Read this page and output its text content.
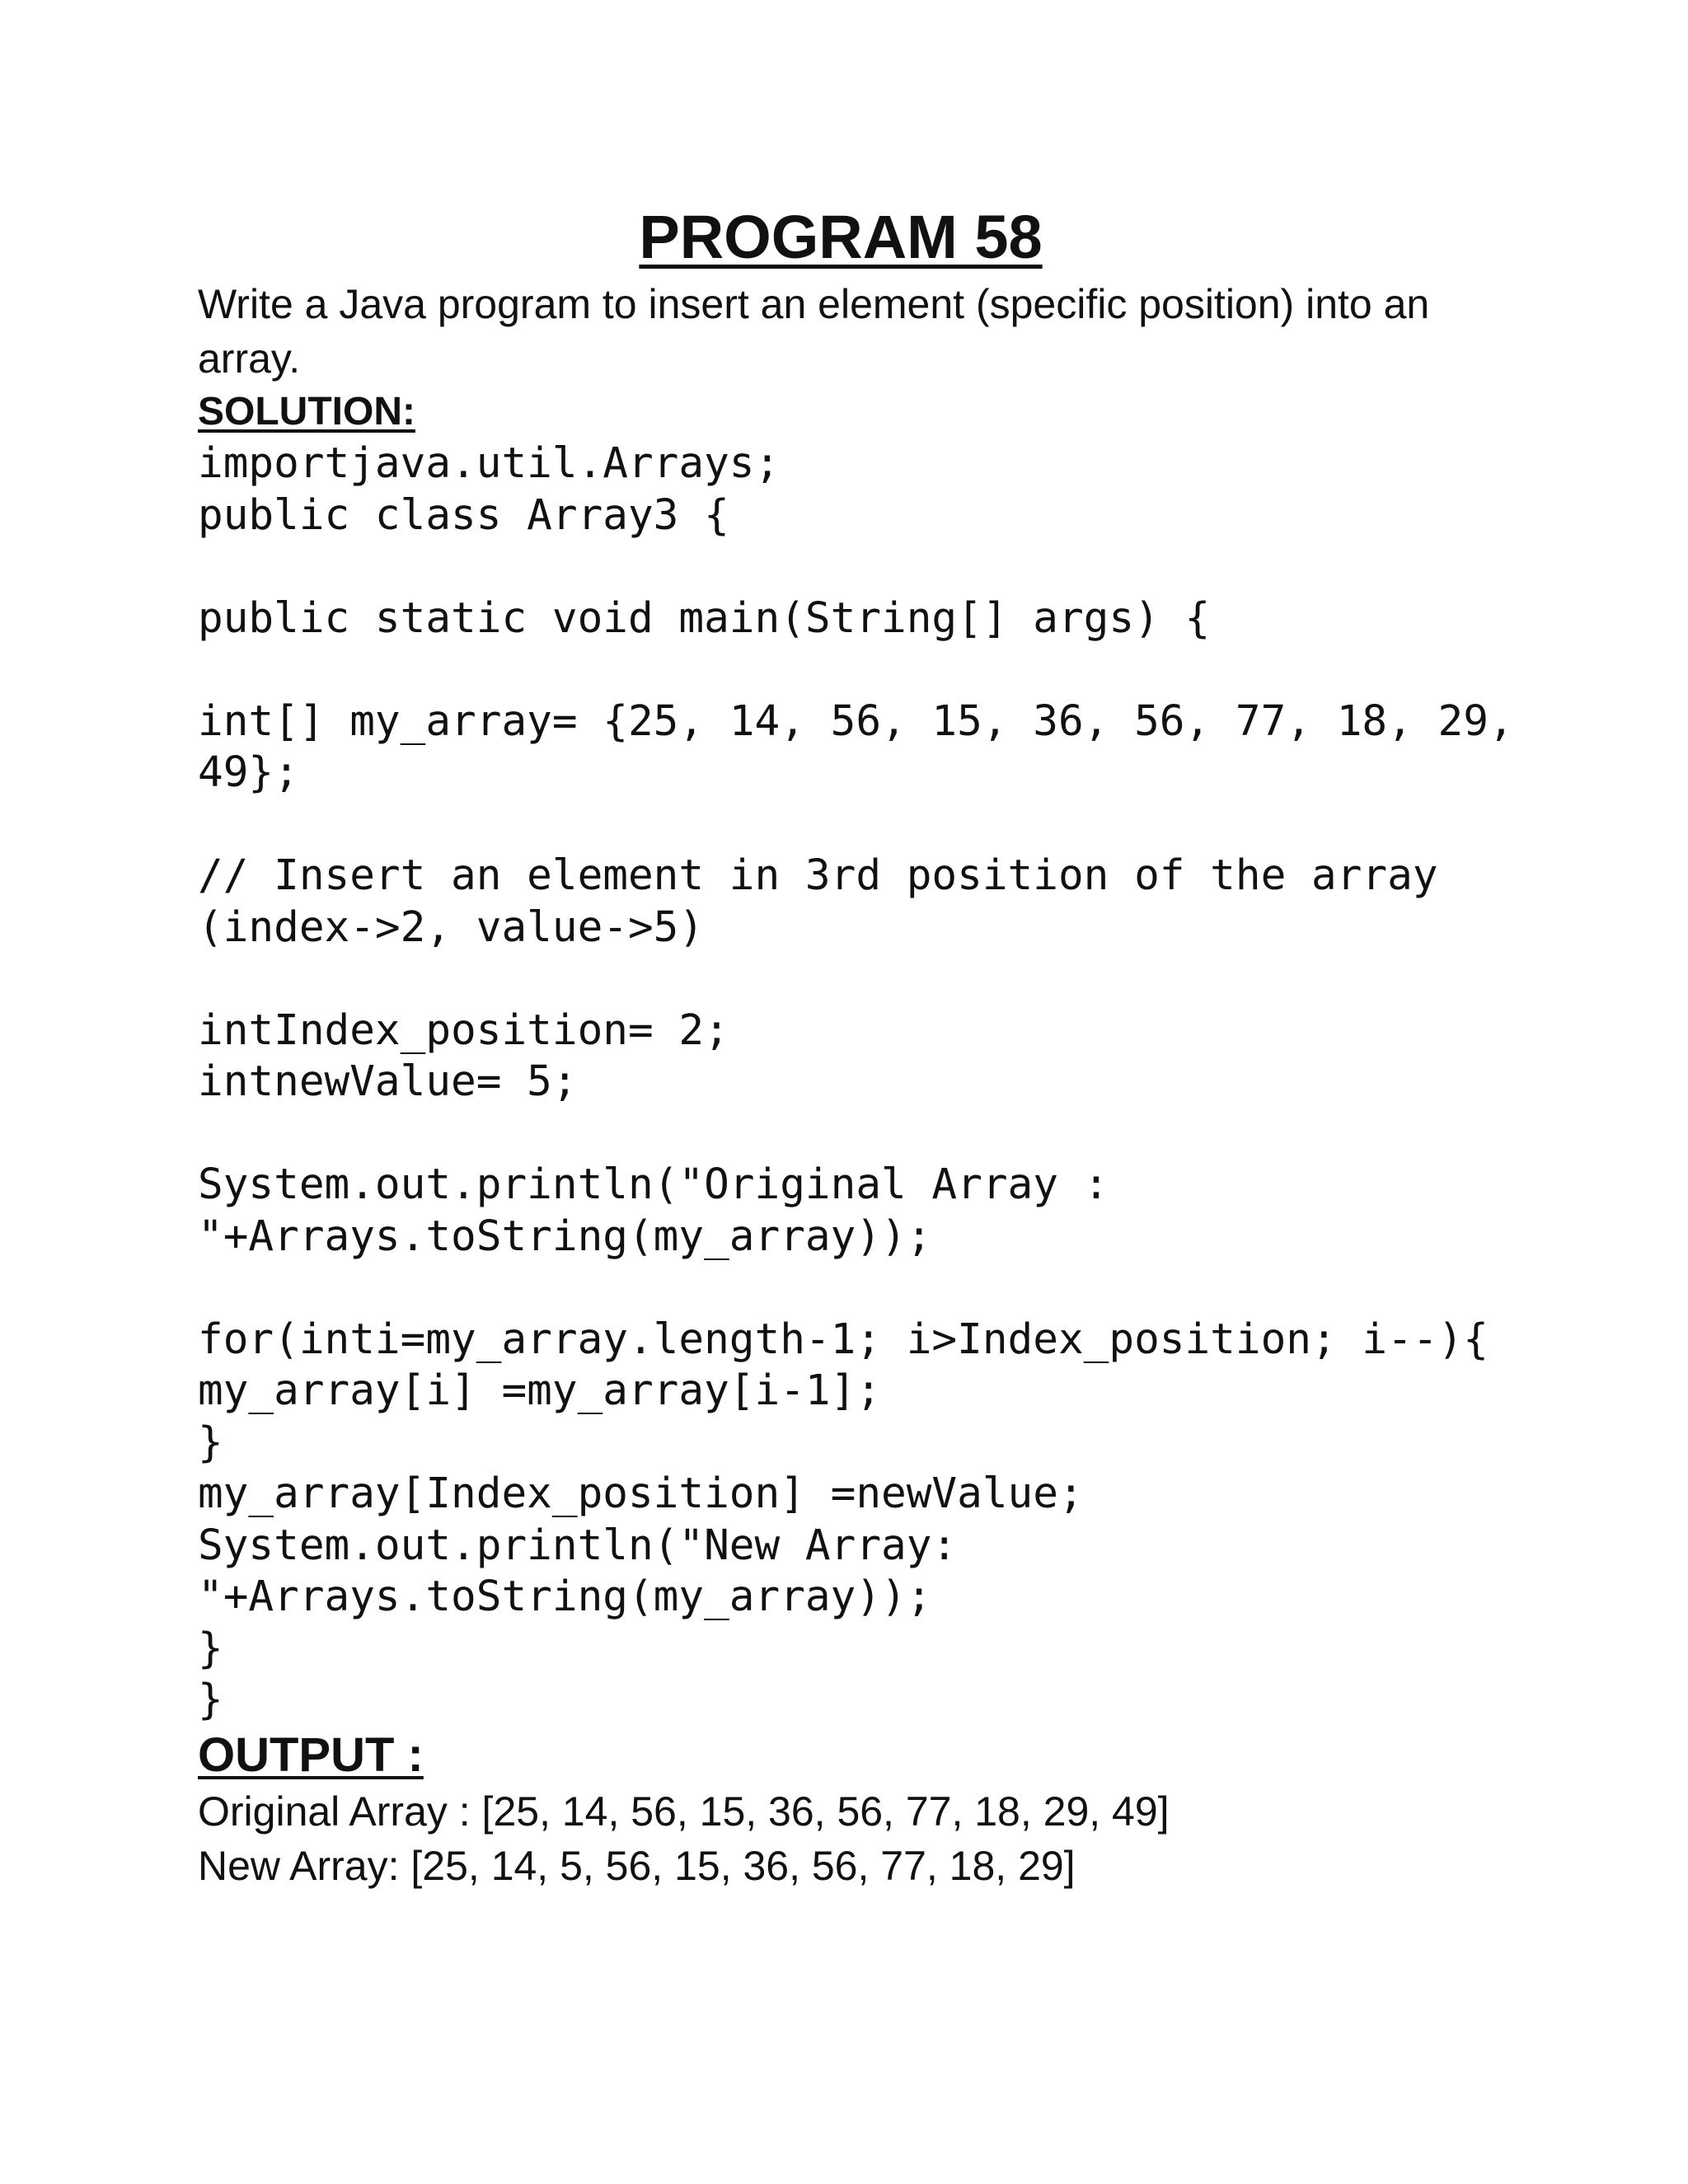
PROGRAM 58
Write a Java program to insert an element (specific position) into an
array.
SOLUTION:
importjava.util.Arrays;
public class Array3 {
public static void main(String[] args) {
int[] my_array= {25, 14, 56, 15, 36, 56, 77, 18, 29,
49};
// Insert an element in 3rd position of the array
(index->2, value->5)
intIndex_position= 2;
intnewValue= 5;
System.out.println("Original Array :
"+Arrays.toString(my_array));
for(inti=my_array.length-1; i>Index_position; i--){
my_array[i] =my_array[i-1];
}
my_array[Index_position] =newValue;
System.out.println("New Array:
"+Arrays.toString(my_array));
}
}
OUTPUT :
Original Array : [25, 14, 56, 15, 36, 56, 77, 18, 29, 49]
New Array: [25, 14, 5, 56, 15, 36, 56, 77, 18, 29]
